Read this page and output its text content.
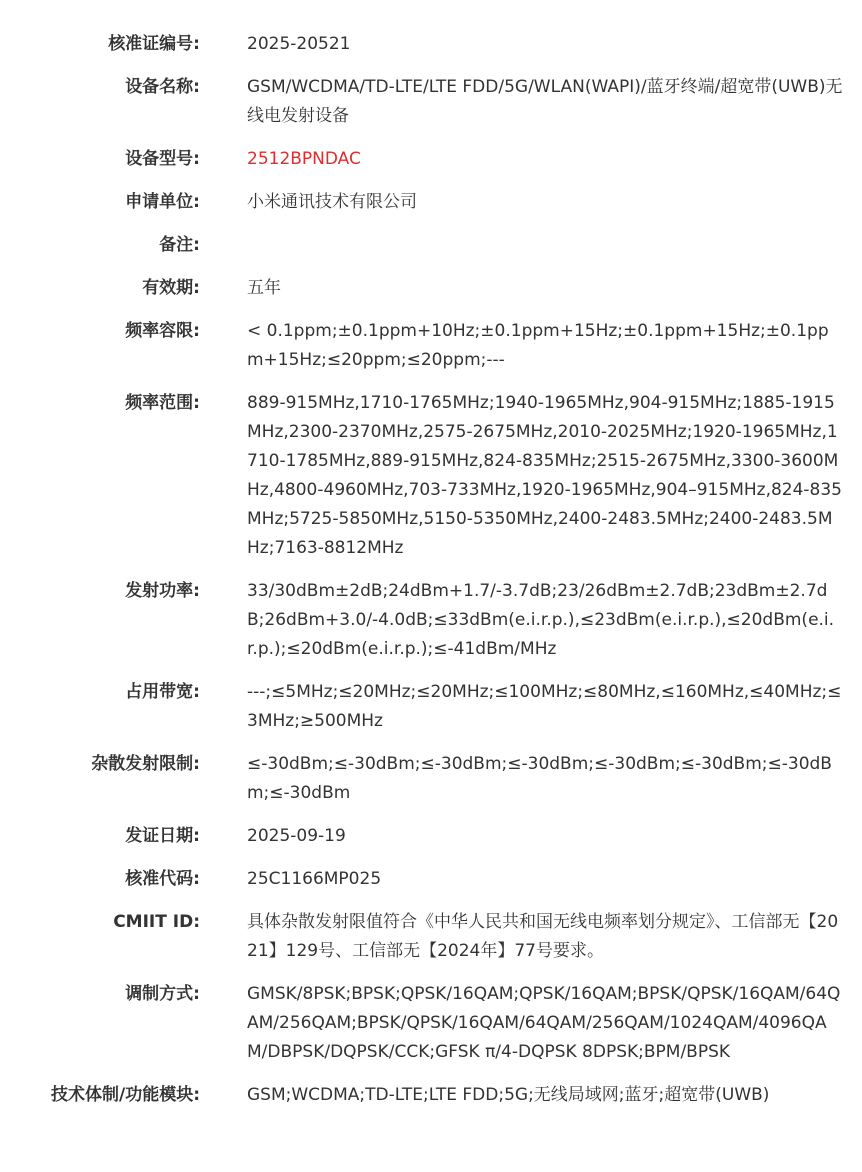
核准证编号:	2025-20521
设备名称:	GSM/WCDMA/TD-LTE/LTE FDD/5G/WLAN(WAPI)/蓝牙终端/超宽带(UWB)无线电发射设备
设备型号:	2512BPNDAC
申请单位:	小米通讯技术有限公司
备注:
有效期:	五年
频率容限:	< 0.1ppm;±0.1ppm+10Hz;±0.1ppm+15Hz;±0.1ppm+15Hz;±0.1ppm+15Hz;≤20ppm;≤20ppm;---
频率范围:	889-915MHz,1710-1765MHz;1940-1965MHz,904-915MHz;1885-1915MHz,2300-2370MHz,2575-2675MHz,2010-2025MHz;1920-1965MHz,1710-1785MHz,889-915MHz,824-835MHz;2515-2675MHz,3300-3600MHz,4800-4960MHz,703-733MHz,1920-1965MHz,904–915MHz,824-835MHz;5725-5850MHz,5150-5350MHz,2400-2483.5MHz;2400-2483.5MHz;7163-8812MHz
发射功率:	33/30dBm±2dB;24dBm+1.7/-3.7dB;23/26dBm±2.7dB;23dBm±2.7dB;26dBm+3.0/-4.0dB;≤33dBm(e.i.r.p.),≤23dBm(e.i.r.p.),≤20dBm(e.i.r.p.);≤20dBm(e.i.r.p.);≤-41dBm/MHz
占用带宽:	---;≤5MHz;≤20MHz;≤20MHz;≤100MHz;≤80MHz,≤160MHz,≤40MHz;≤3MHz;≥500MHz
杂散发射限制:	≤-30dBm;≤-30dBm;≤-30dBm;≤-30dBm;≤-30dBm;≤-30dBm;≤-30dBm;≤-30dBm
发证日期:	2025-09-19
核准代码:	25C1166MP025
CMIIT ID:	具体杂散发射限值符合《中华人民共和国无线电频率划分规定》、工信部无【2021】129号、工信部无【2024年】77号要求。
调制方式:	GMSK/8PSK;BPSK;QPSK/16QAM;QPSK/16QAM;BPSK/QPSK/16QAM/64QAM/256QAM;BPSK/QPSK/16QAM/64QAM/256QAM/1024QAM/4096QAM/DBPSK/DQPSK/CCK;GFSK π/4-DQPSK 8DPSK;BPM/BPSK
技术体制/功能模块:	GSM;WCDMA;TD-LTE;LTE FDD;5G;无线局域网;蓝牙;超宽带(UWB)
